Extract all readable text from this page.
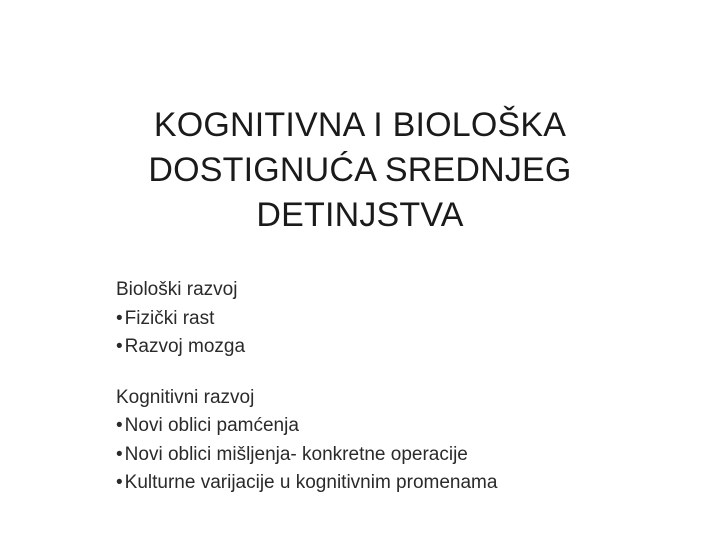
KOGNITIVNA I BIOLOŠKA
DOSTIGNUĆA SREDNJEG
DETINJSTVA
Biološki razvoj
• Fizički rast
• Razvoj mozga
Kognitivni razvoj
• Novi oblici pamćenja
• Novi oblici mišljenja- konkretne operacije
• Kulturne varijacije u kognitivnim promenama
